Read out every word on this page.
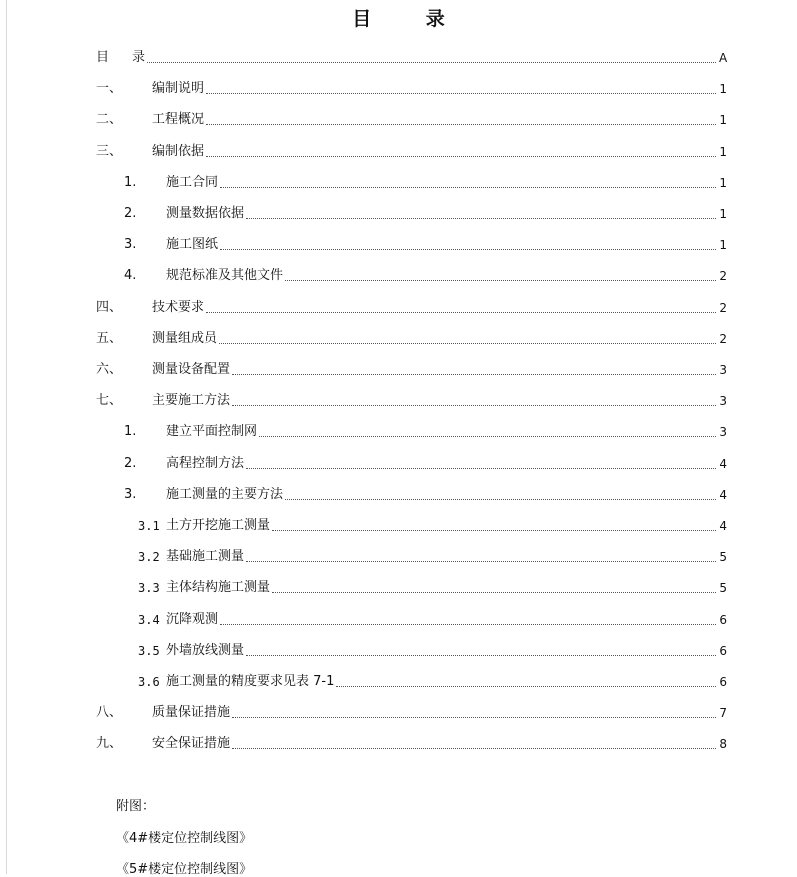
目 录
目	录	A
一、	编制说明	1
二、	工程概况	1
三、	编制依据	1
1.	施工合同	1
2.	测量数据依据	1
3.	施工图纸	1
4.	规范标准及其他文件	2
四、	技术要求	2
五、	测量组成员	2
六、	测量设备配置	3
七、	主要施工方法	3
1.	建立平面控制网	3
2.	高程控制方法	4
3.	施工测量的主要方法	4
3.1 土方开挖施工测量	4
3.2 基础施工测量	5
3.3 主体结构施工测量	5
3.4 沉降观测	6
3.5 外墙放线测量	6
3.6 施工测量的精度要求见表 7-1	6
八、	质量保证措施	7
九、	安全保证措施	8
附图：
《4#楼定位控制线图》
《5#楼定位控制线图》
